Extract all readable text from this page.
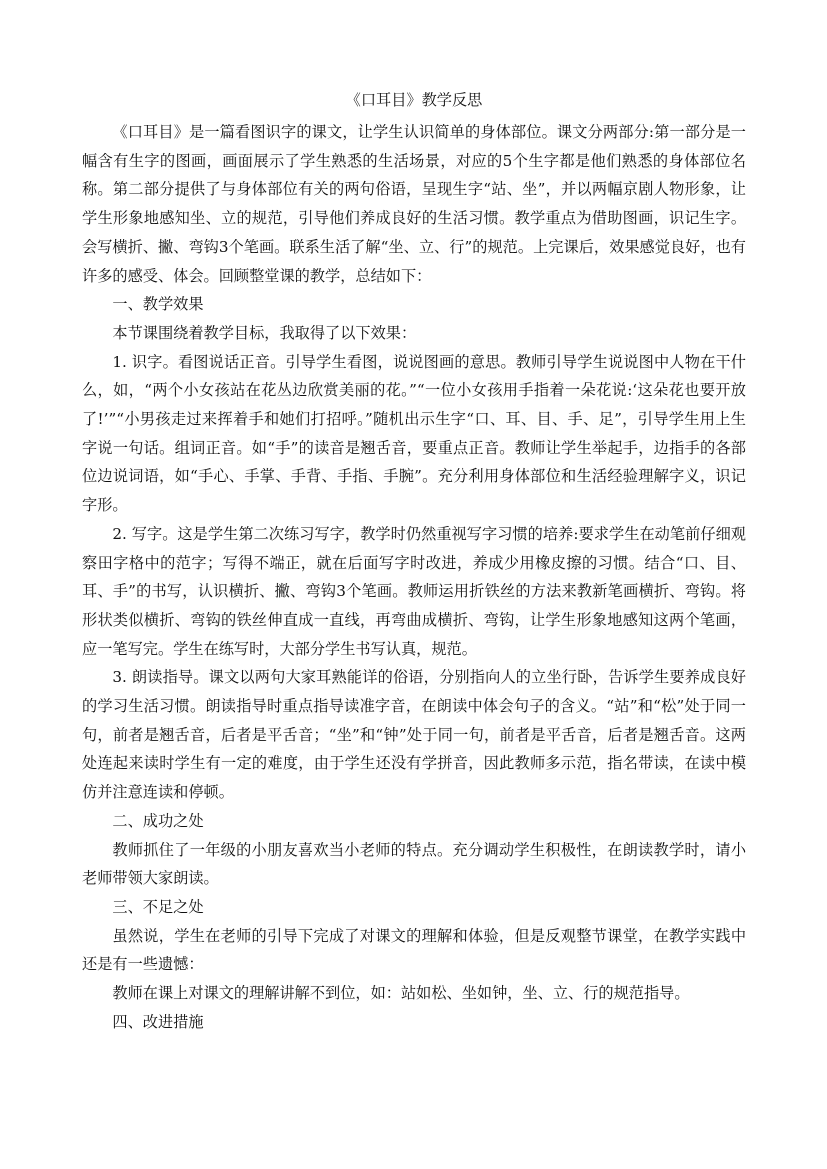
《口耳目》教学反思

《口耳目》是一篇看图识字的课文，让学生认识简单的身体部位。课文分两部分:第一部分是一幅含有生字的图画，画面展示了学生熟悉的生活场景，对应的5个生字都是他们熟悉的身体部位名称。第二部分提供了与身体部位有关的两句俗语，呈现生字“站、坐”，并以两幅京剧人物形象，让学生形象地感知坐、立的规范，引导他们养成良好的生活习惯。教学重点为借助图画，识记生字。会写横折、撇、弯钩3个笔画。联系生活了解“坐、立、行”的规范。上完课后，效果感觉良好，也有许多的感受、体会。回顾整堂课的教学，总结如下：

一、教学效果

本节课围绕着教学目标，我取得了以下效果：

1. 识字。看图说话正音。引导学生看图，说说图画的意思。教师引导学生说说图中人物在干什么，如，“两个小女孩站在花丛边欣赏美丽的花。”“一位小女孩用手指着一朵花说:‘这朵花也要开放了!’”“小男孩走过来挥着手和她们打招呼。”随机出示生字“口、耳、目、手、足”，引导学生用上生字说一句话。组词正音。如“手”的读音是翘舌音，要重点正音。教师让学生举起手，边指手的各部位边说词语，如“手心、手掌、手背、手指、手腕”。充分利用身体部位和生活经验理解字义，识记字形。

2. 写字。这是学生第二次练习写字，教学时仍然重视写字习惯的培养:要求学生在动笔前仔细观察田字格中的范字；写得不端正，就在后面写字时改进，养成少用橡皮擦的习惯。结合“口、目、耳、手”的书写，认识横折、撇、弯钩3个笔画。教师运用折铁丝的方法来教新笔画横折、弯钩。将形状类似横折、弯钩的铁丝伸直成一直线，再弯曲成横折、弯钩，让学生形象地感知这两个笔画，应一笔写完。学生在练写时，大部分学生书写认真，规范。

3. 朗读指导。课文以两句大家耳熟能详的俗语，分别指向人的立坐行卧，告诉学生要养成良好的学习生活习惯。朗读指导时重点指导读准字音，在朗读中体会句子的含义。“站”和“松”处于同一句，前者是翘舌音，后者是平舌音；“坐”和“钟”处于同一句，前者是平舌音，后者是翘舌音。这两处连起来读时学生有一定的难度，由于学生还没有学拼音，因此教师多示范，指名带读，在读中模仿并注意连读和停顿。

二、成功之处

教师抓住了一年级的小朋友喜欢当小老师的特点。充分调动学生积极性，在朗读教学时，请小老师带领大家朗读。

三、不足之处

虽然说，学生在老师的引导下完成了对课文的理解和体验，但是反观整节课堂，在教学实践中还是有一些遗憾：

教师在课上对课文的理解讲解不到位，如：站如松、坐如钟，坐、立、行的规范指导。

四、改进措施
